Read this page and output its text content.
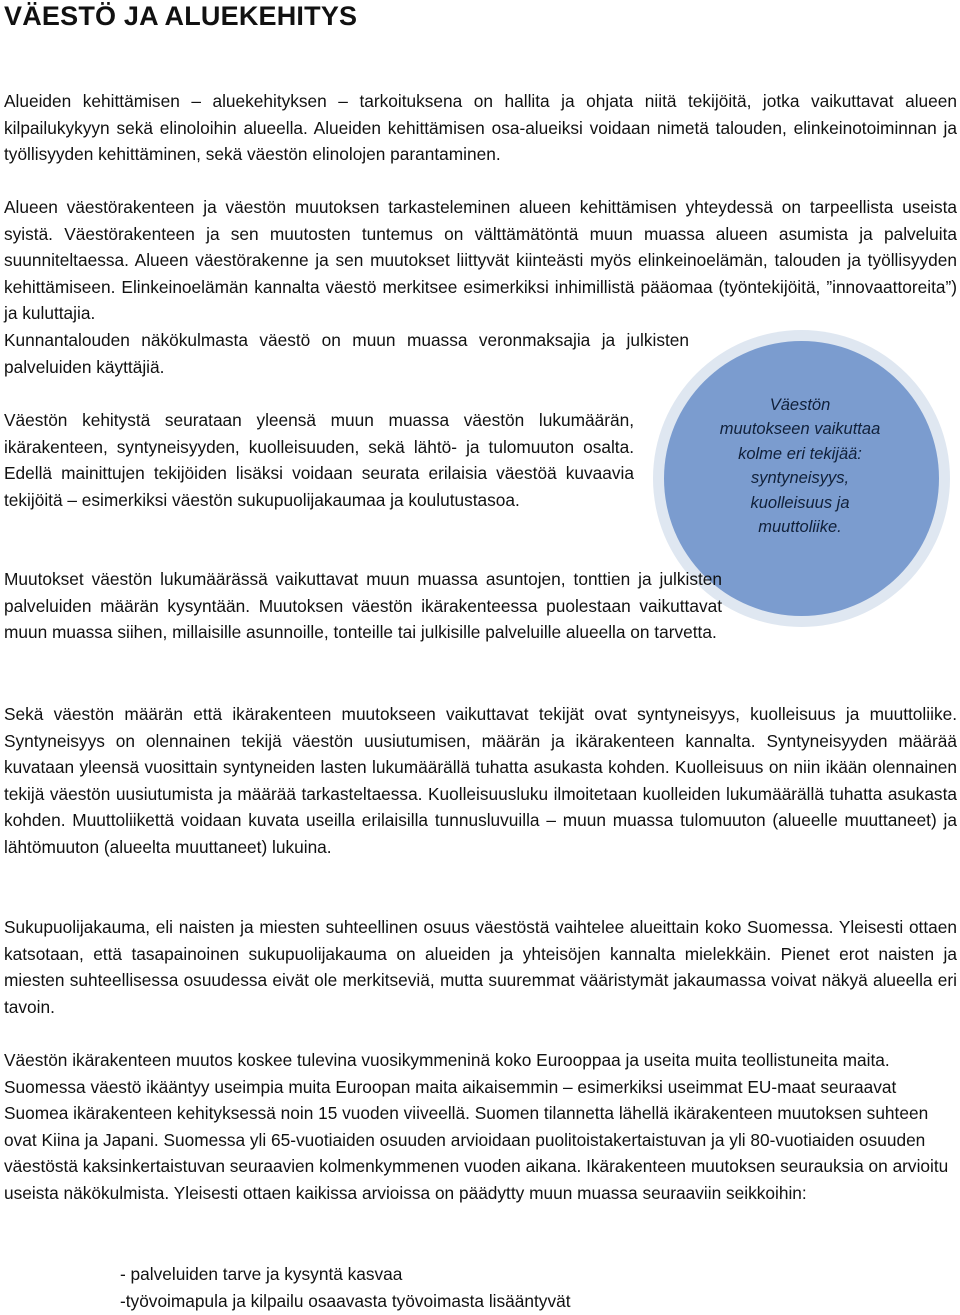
VÄESTÖ JA ALUEKEHITYS

Alueiden kehittämisen – aluekehityksen – tarkoituksena on hallita ja ohjata niitä tekijöitä, jotka vaikuttavat alueen kilpailukykyyn sekä elinoloihin alueella. Alueiden kehittämisen osa-alueiksi voidaan nimetä talouden, elinkeinotoiminnan ja työllisyyden kehittäminen, sekä väestön elinolojen parantaminen.

Alueen väestörakenteen ja väestön muutoksen tarkasteleminen alueen kehittämisen yhteydessä on tarpeellista useista syistä. Väestörakenteen ja sen muutosten tuntemus on välttämätöntä muun muassa alueen asumista ja palveluita suunniteltaessa. Alueen väestörakenne ja sen muutokset liittyvät kiinteästi myös elinkeinoelämän, talouden ja työllisyyden kehittämiseen. Elinkeinoelämän kannalta väestö merkitsee esimerkiksi inhimillistä pääomaa (työntekijöitä, ”innovaattoreita”) ja kuluttajia.

Kunnantalouden näkökulmasta väestö on muun muassa veronmaksajia ja julkisten palveluiden käyttäjiä.

Väestön
muutokseen vaikuttaa
kolme eri tekijää:
syntyneisyys,
kuolleisuus ja
muuttoliike.

Väestön kehitystä seurataan yleensä muun muassa väestön lukumäärän, ikärakenteen, syntyneisyyden, kuolleisuuden, sekä lähtö- ja tulomuuton osalta. Edellä mainittujen tekijöiden lisäksi voidaan seurata erilaisia väestöä kuvaavia tekijöitä – esimerkiksi väestön sukupuolijakaumaa ja koulutustasoa.

Muutokset väestön lukumäärässä vaikuttavat muun muassa asuntojen, tonttien ja julkisten palveluiden määrän kysyntään. Muutoksen väestön ikärakenteessa puolestaan vaikuttavat muun muassa siihen, millaisille asunnoille, tonteille tai julkisille palveluille alueella on tarvetta.

Sekä väestön määrän että ikärakenteen muutokseen vaikuttavat tekijät ovat syntyneisyys, kuolleisuus ja muuttoliike. Syntyneisyys on olennainen tekijä väestön uusiutumisen, määrän ja ikärakenteen kannalta. Syntyneisyyden määrää kuvataan yleensä vuosittain syntyneiden lasten lukumäärällä tuhatta asukasta kohden. Kuolleisuus on niin ikään olennainen tekijä väestön uusiutumista ja määrää tarkasteltaessa. Kuolleisuusluku ilmoitetaan kuolleiden lukumäärällä tuhatta asukasta kohden. Muuttoliikettä voidaan kuvata useilla erilaisilla tunnusluvuilla – muun muassa tulomuuton (alueelle muuttaneet) ja lähtömuuton (alueelta muuttaneet) lukuina.

Sukupuolijakauma, eli naisten ja miesten suhteellinen osuus väestöstä vaihtelee alueittain koko Suomessa. Yleisesti ottaen katsotaan, että tasapainoinen sukupuolijakauma on alueiden ja yhteisöjen kannalta mielekkäin. Pienet erot naisten ja miesten suhteellisessa osuudessa eivät ole merkitseviä, mutta suuremmat vääristymät jakaumassa voivat näkyä alueella eri tavoin.

Väestön ikärakenteen muutos koskee tulevina vuosikymmeninä koko Eurooppaa ja useita muita teollistuneita maita. Suomessa väestö ikääntyy useimpia muita Euroopan maita aikaisemmin – esimerkiksi useimmat EU-maat seuraavat Suomea ikärakenteen kehityksessä noin 15 vuoden viiveellä. Suomen tilannetta lähellä ikärakenteen muutoksen suhteen ovat Kiina ja Japani. Suomessa yli 65-vuotiaiden osuuden arvioidaan puolitoistakertaistuvan ja yli 80-vuotiaiden osuuden väestöstä kaksinkertaistuvan seuraavien kolmenkymmenen vuoden aikana. Ikärakenteen muutoksen seurauksia on arvioitu useista näkökulmista. Yleisesti ottaen kaikissa arvioissa on päädytty muun muassa seuraaviin seikkoihin:

- palveluiden tarve ja kysyntä kasvaa
-työvoimapula ja kilpailu osaavasta työvoimasta lisääntyvät
